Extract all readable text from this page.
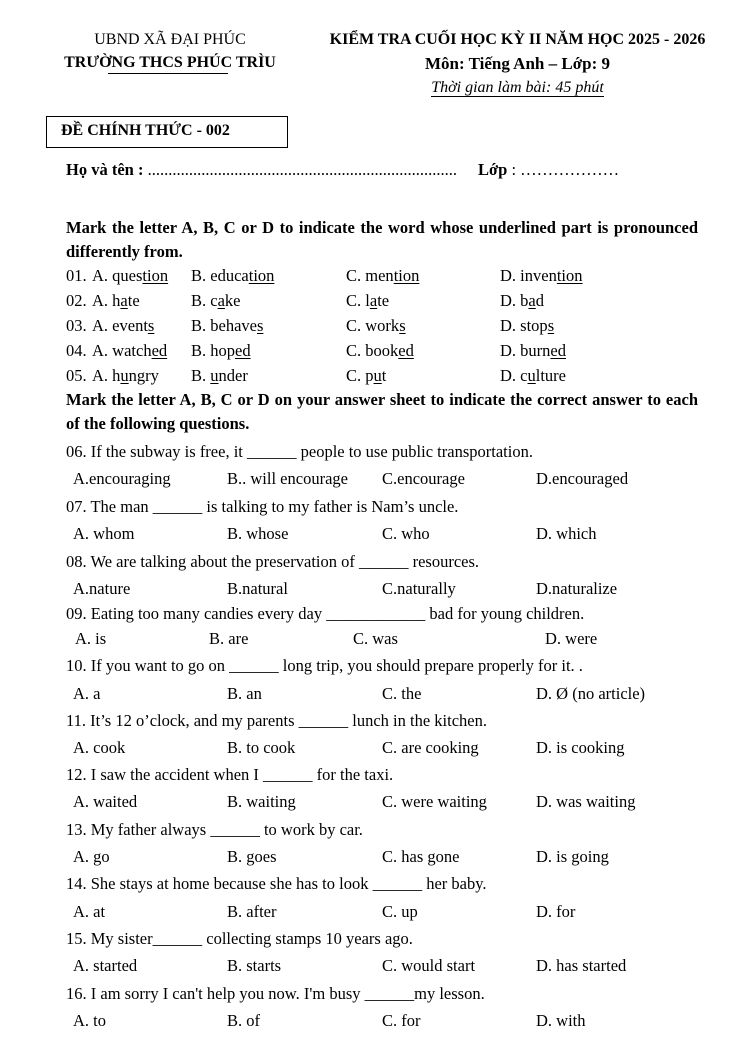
UBND XÃ ĐẠI PHÚC
TRƯỜNG THCS PHÚC TRÌU
KIỂM TRA CUỐI HỌC KỲ II NĂM HỌC 2025 - 2026
Môn: Tiếng Anh – Lớp: 9
Thời gian làm bài: 45 phút
ĐỀ CHÍNH THỨC - 002
Họ và tên : ........................................................................... Lớp : ………………
Mark the letter A, B, C or D to indicate the word whose underlined part is pronounced differently from.
01. A. question B. education	C. mention	D. invention
02. A. hate	B. cake	C. late	D. bad
03. A. events B. behaves	C. works	D. stops
04. A. watched B. hoped	C. booked	D. burned
05. A. hungry B. under	C. put	D. culture
Mark the letter A, B, C or D on your answer sheet to indicate the correct answer to each of the following questions.
06. If the subway is free, it ______ people to use public transportation.
A.encouraging	B.. will encourage C.encourage	D.encouraged
07. The man ______ is talking to my father is Nam’s uncle.
A. whom	B. whose	C. who	D. which
08. We are talking about the preservation of ______ resources.
A.nature	B.natural	C.naturally	D.naturalize
09. Eating too many candies every day ____________ bad for young children.
A. is	B. are	C. was	D. were
10. If you want to go on ______ long trip, you should prepare properly for it. .
A. a	B. an	C. the	D. Ø (no article)
11. It’s 12 o’clock, and my parents ______ lunch in the kitchen.
A. cook	B. to cook	C. are cooking	D. is cooking
12. I saw the accident when I ______ for the taxi.
A. waited	B. waiting	C. were waiting	D. was waiting
13. My father always ______ to work by car.
A. go	B. goes	C. has gone	D. is going
14. She stays at home because she has to look ______ her baby.
A. at	B. after	C. up	D. for
15. My sister______ collecting stamps 10 years ago.
A. started	B. starts	C. would start	D. has started
16. I am sorry I can't help you now. I'm busy ______my lesson.
A. to	B. of	C. for	D. with
